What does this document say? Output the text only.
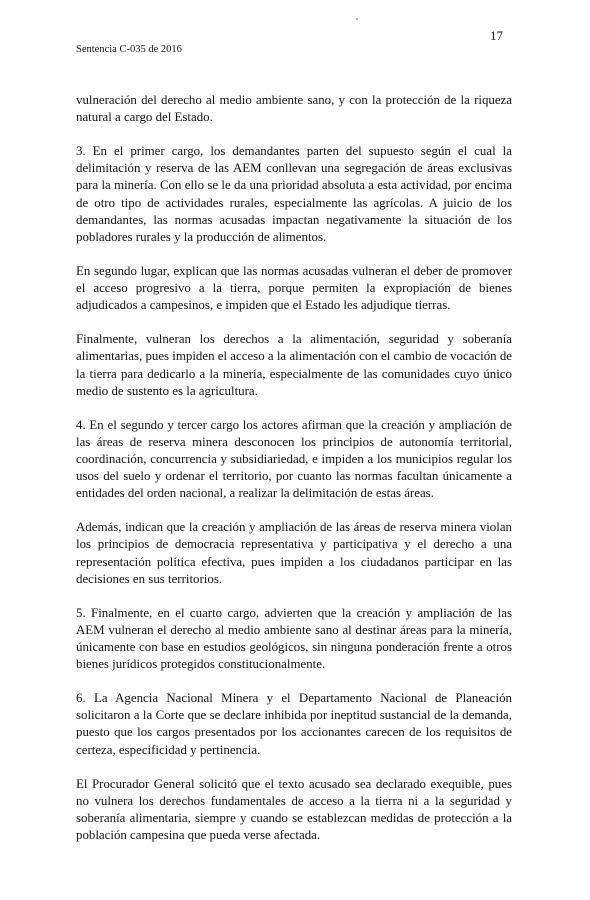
17
Sentencia C-035 de 2016

vulneración del derecho al medio ambiente sano, y con la protección de la riqueza natural a cargo del Estado.

3. En el primer cargo, los demandantes parten del supuesto según el cual la delimitación y reserva de las AEM conllevan una segregación de áreas exclusivas para la minería. Con ello se le da una prioridad absoluta a esta actividad, por encima de otro tipo de actividades rurales, especialmente las agrícolas. A juicio de los demandantes, las normas acusadas impactan negativamente la situación de los pobladores rurales y la producción de alimentos.

En segundo lugar, explican que las normas acusadas vulneran el deber de promover el acceso progresivo a la tierra, porque permiten la expropiación de bienes adjudicados a campesinos, e impiden que el Estado les adjudique tierras.

Finalmente, vulneran los derechos a la alimentación, seguridad y soberanía alimentarias, pues impiden el acceso a la alimentación con el cambio de vocación de la tierra para dedicarlo a la minería, especialmente de las comunidades cuyo único medio de sustento es la agricultura.

4. En el segundo y tercer cargo los actores afirman que la creación y ampliación de las áreas de reserva minera desconocen los principios de autonomía territorial, coordinación, concurrencia y subsidiariedad, e impiden a los municipios regular los usos del suelo y ordenar el territorio, por cuanto las normas facultan únicamente a entidades del orden nacional, a realizar la delimitación de estas áreas.

Además, indican que la creación y ampliación de las áreas de reserva minera violan los principios de democracia representativa y participativa y el derecho a una representación política efectiva, pues impiden a los ciudadanos participar en las decisiones en sus territorios.

5. Finalmente, en el cuarto cargo, advierten que la creación y ampliación de las AEM vulneran el derecho al medio ambiente sano al destinar áreas para la minería, únicamente con base en estudios geológicos, sin ninguna ponderación frente a otros bienes jurídicos protegidos constitucionalmente.

6. La Agencia Nacional Minera y el Departamento Nacional de Planeación solicitaron a la Corte que se declare inhibida por ineptitud sustancial de la demanda, puesto que los cargos presentados por los accionantes carecen de los requisitos de certeza, especificidad y pertinencia.

El Procurador General solicitó que el texto acusado sea declarado exequible, pues no vulnera los derechos fundamentales de acceso a la tierra ni a la seguridad y soberanía alimentaria, siempre y cuando se establezcan medidas de protección a la población campesina que pueda verse afectada.
